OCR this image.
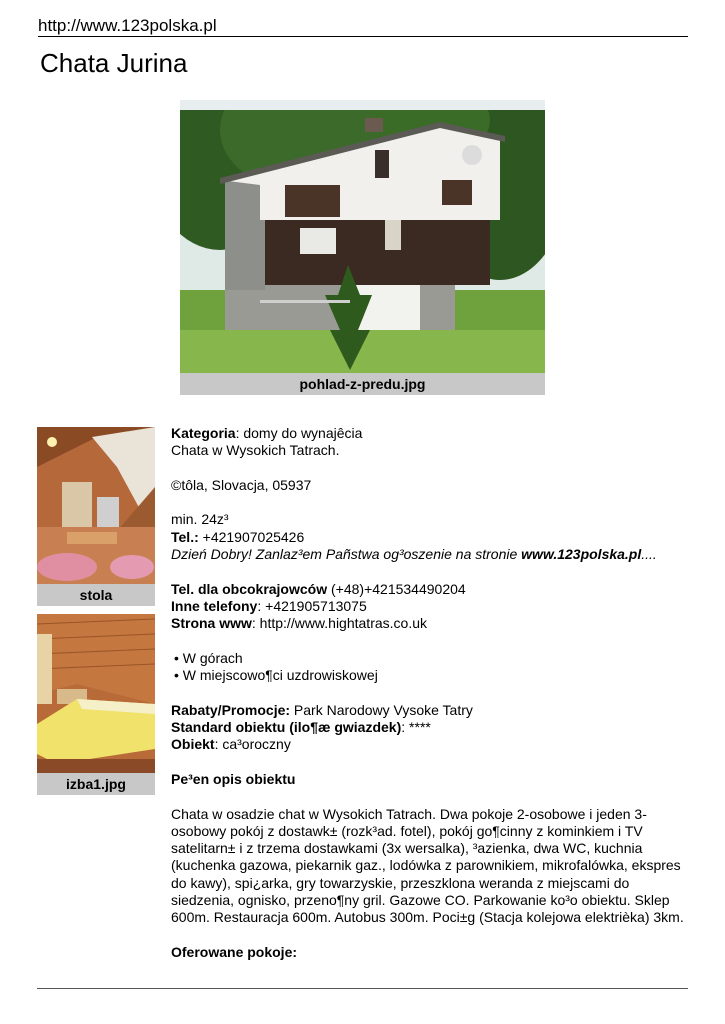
http://www.123polska.pl
Chata Jurina
pohlad-z-predu.jpg
stola
izba1.jpg

Kategoria: domy do wynajêcia

Chata w Wysokich Tatrach.

©tôla, Slovacja, 05937

min. 24z³

Tel.: +421907025426

Dzień Dobry! Zanlaz³em Pañstwa og³oszenie na stronie www.123polska.pl....

Tel. dla obcokrajowców (+48)+421534490204

Inne telefony: +421905713075

Strona www: http://www.hightatras.co.uk

• W górach

• W miejscowo¶ci uzdrowiskowej

Rabaty/Promocje: Park Narodowy Vysoke Tatry

Standard obiektu (ilo¶æ gwiazdek): ****

Obiekt: ca³oroczny

Pe³en opis obiektu

Chata w osadzie chat w Wysokich Tatrach. Dwa pokoje 2-osobowe i jeden 3-osobowy pokój z dostawk± (rozk³ad. fotel), pokój go¶cinny z kominkiem i TV satelitarn± i z trzema dostawkami (3x wersalka), ³azienka, dwa WC, kuchnia (kuchenka gazowa, piekarnik gaz., lodówka z parownikiem, mikrofalówka, ekspres do kawy), spi¿arka, gry towarzyskie, przeszklona weranda z miejscami do siedzenia, ognisko, przeno¶ny gril. Gazowe CO. Parkowanie ko³o obiektu. Sklep 600m. Restauracja 600m. Autobus 300m. Poci±g (Stacja kolejowa elektrièka) 3km.

Oferowane pokoje:
